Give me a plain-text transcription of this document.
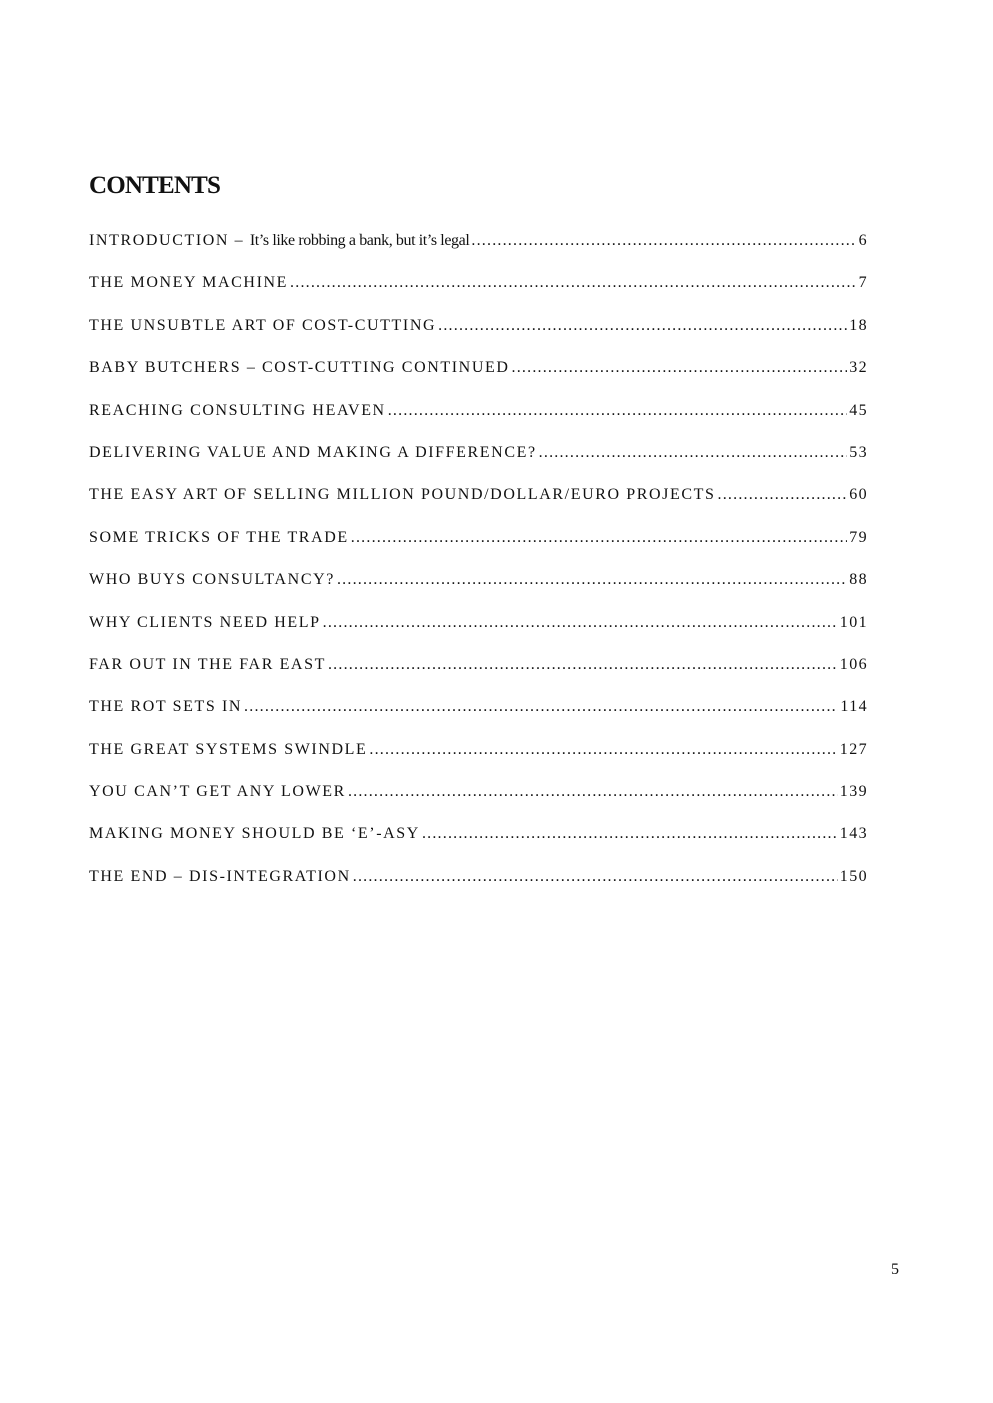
CONTENTS
INTRODUCTION – It’s like robbing a bank, but it’s legal .....	6
THE MONEY MACHINE .....	7
THE UNSUBTLE ART OF COST-CUTTING .....	18
BABY BUTCHERS – COST-CUTTING CONTINUED .....	32
REACHING CONSULTING HEAVEN .....	45
DELIVERING VALUE AND MAKING A DIFFERENCE? .....	53
THE EASY ART OF SELLING MILLION POUND/DOLLAR/EURO PROJECTS .....	60
SOME TRICKS OF THE TRADE .....	79
WHO BUYS CONSULTANCY? .....	88
WHY CLIENTS NEED HELP .....	101
FAR OUT IN THE FAR EAST .....	106
THE ROT SETS IN .....	114
THE GREAT SYSTEMS SWINDLE .....	127
YOU CAN’T GET ANY LOWER .....	139
MAKING MONEY SHOULD BE ‘E’-ASY .....	143
THE END – DIS-INTEGRATION .....	150
5
